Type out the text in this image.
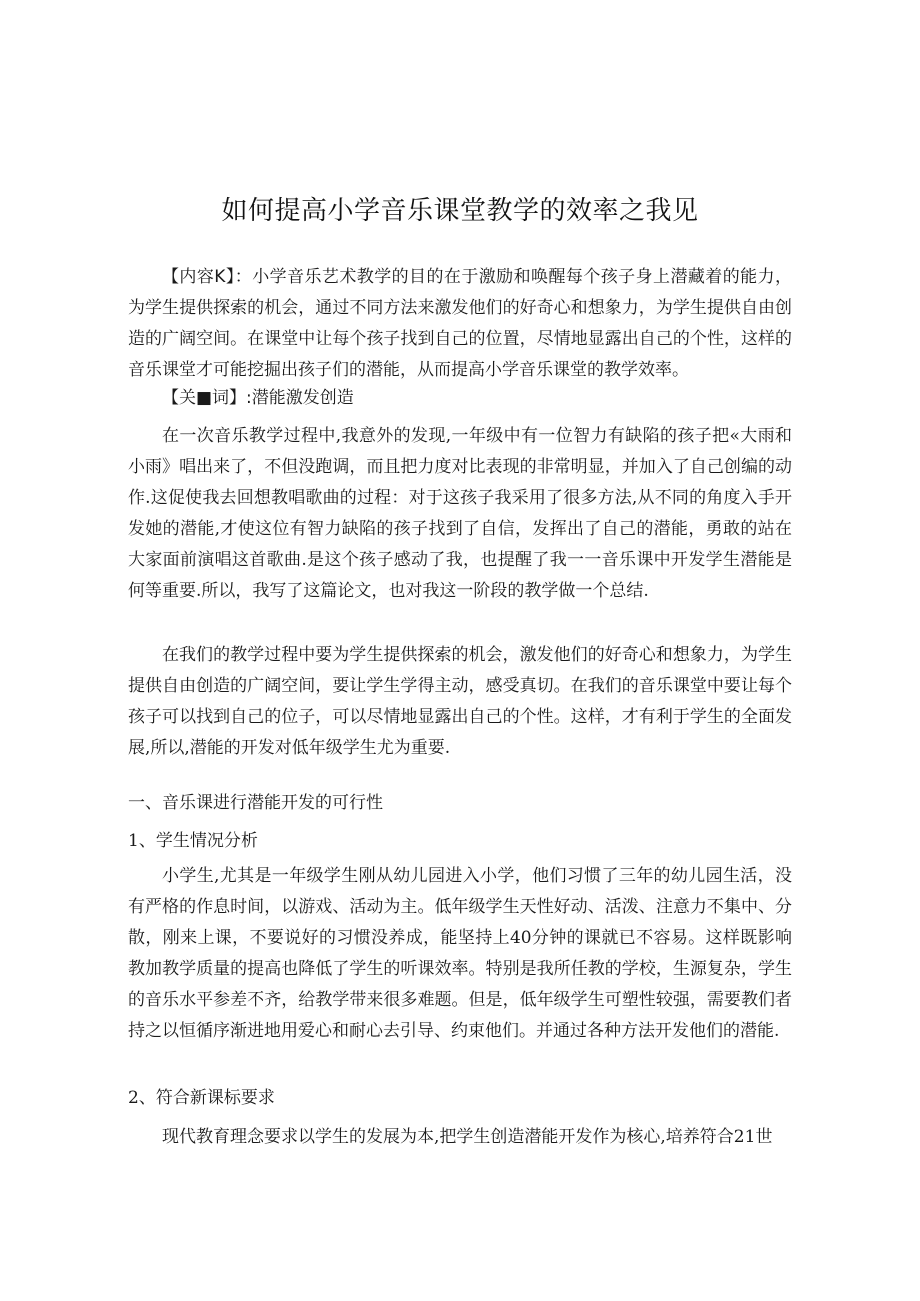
如何提高小学音乐课堂教学的效率之我见
【内容K】：小学音乐艺术教学的目的在于激励和唤醒每个孩子身上潜藏着的能力，为学生提供探索的机会，通过不同方法来激发他们的好奇心和想象力，为学生提供自由创造的广阔空间。在课堂中让每个孩子找到自己的位置，尽情地显露出自己的个性，这样的音乐课堂才可能挖掘出孩子们的潜能，从而提高小学音乐课堂的教学效率。
【关■词】:潜能激发创造
在一次音乐教学过程中,我意外的发现,一年级中有一位智力有缺陷的孩子把«大雨和小雨》唱出来了，不但没跑调，而且把力度对比表现的非常明显，并加入了自己创编的动作.这促使我去回想教唱歌曲的过程：对于这孩子我采用了很多方法,从不同的角度入手开发她的潜能,才使这位有智力缺陷的孩子找到了自信，发挥出了自己的潜能，勇敢的站在大家面前演唱这首歌曲.是这个孩子感动了我，也提醒了我一一音乐课中开发学生潜能是何等重要.所以，我写了这篇论文，也对我这一阶段的教学做一个总结.
在我们的教学过程中要为学生提供探索的机会，激发他们的好奇心和想象力，为学生提供自由创造的广阔空间，要让学生学得主动，感受真切。在我们的音乐课堂中要让每个孩子可以找到自己的位子，可以尽情地显露出自己的个性。这样，才有利于学生的全面发展,所以,潜能的开发对低年级学生尤为重要.
一、音乐课进行潜能开发的可行性
1、学生情况分析
小学生,尤其是一年级学生刚从幼儿园进入小学，他们习惯了三年的幼儿园生活，没有严格的作息时间，以游戏、活动为主。低年级学生天性好动、活泼、注意力不集中、分散，刚来上课，不要说好的习惯没养成，能坚持上40分钟的课就已不容易。这样既影响教加教学质量的提高也降低了学生的听课效率。特别是我所任教的学校，生源复杂，学生的音乐水平参差不齐，给教学带来很多难题。但是，低年级学生可塑性较强，需要教们者持之以恒循序渐进地用爱心和耐心去引导、约束他们。并通过各种方法开发他们的潜能.
2、符合新课标要求
现代教育理念要求以学生的发展为本,把学生创造潜能开发作为核心,培养符合21世
